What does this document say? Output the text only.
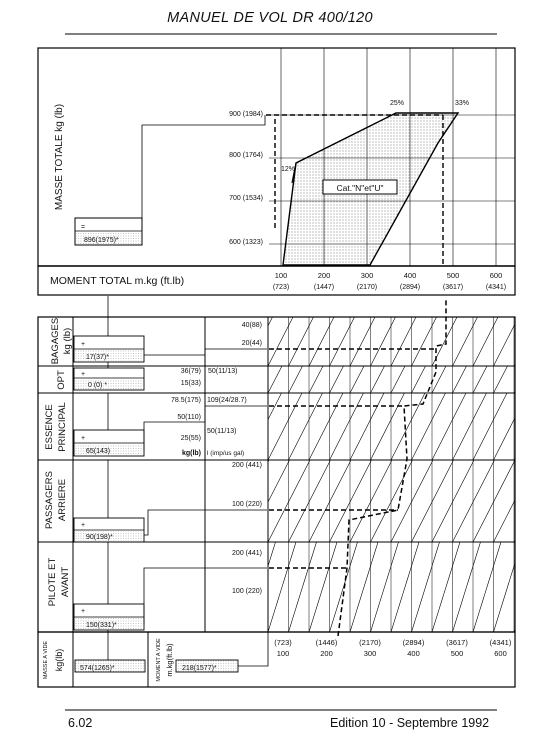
MANUEL DE VOL DR 400/120
6.02	Edition 10 - Septembre 1992
12%
25%	33%
Cat."N"et"U"
MASSE TOTALE kg (lb)	900 (1984)
800 (1764)
700 (1534)
600 (1323)
MOMENT TOTAL m.kg (ft.lb)	100
(723)
200
(1447)
300
(2170)
400
(2894)
500
(3617)
600
(4341)
=
896(1975)*
BAGAGES kg (lb) +
17(37)*
40(88)
20(44)
OPT +
0 (0) *
36(79)
15(33)
50(11/13)
ESSENCE PRINCIPAL +
65(143)
78.5(175)
50(110)
25(55)
kg(lb)
109(24/28.7)
50(11/13)
l (imp/us gal)
PASSAGERS ARRIERE
+
90(198)*
200 (441)
100 (220)
PILOTE ET AVANT
+
150(331)*
200 (441)
100 (220)
MASSE A VIDE kg(lb) 574(1265)*	MOMENT A VIDE m.kg(ft.lb) 218(1577)*
(723)
100
(1446)
200
(2170)
300
(2894)
400
(3617)
500
(4341)
600
